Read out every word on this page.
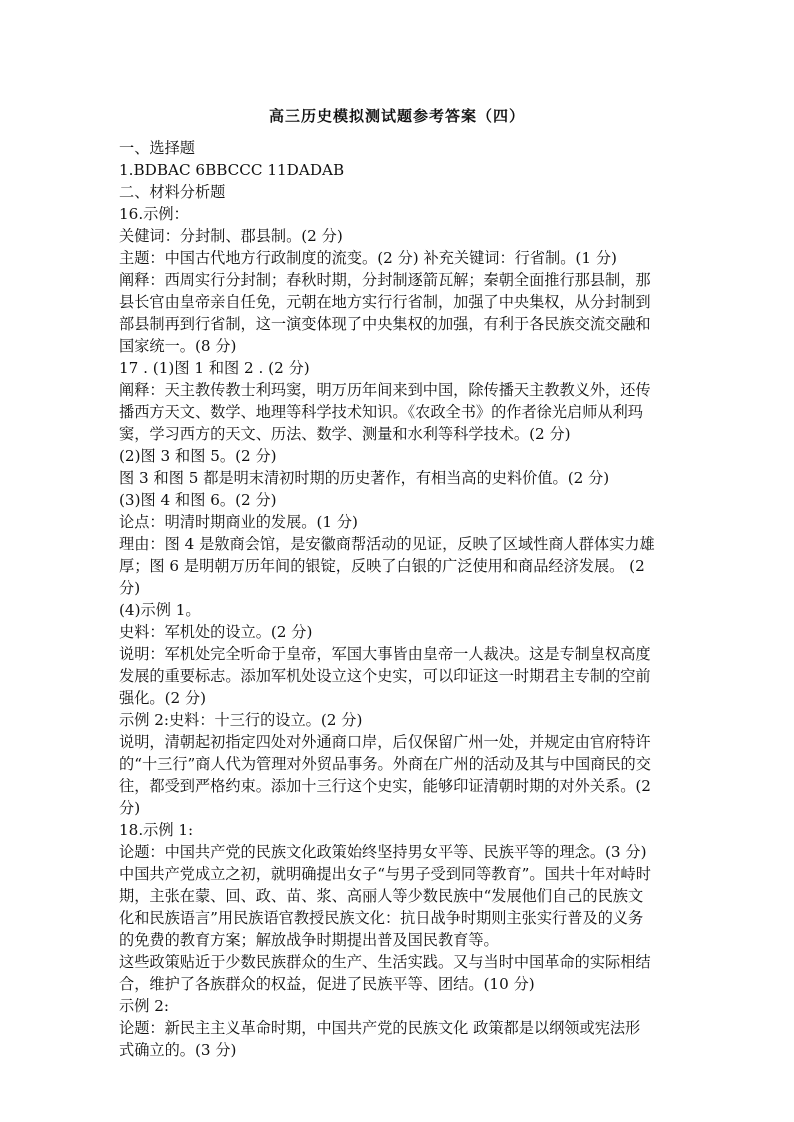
高三历史模拟测试题参考答案（四）

一、选择题

1.BDBAC 6BBCCC 11DADAB

二、材料分析题

16.示例：

关健词：分封制、郡县制。(2 分)

主题：中国古代地方行政制度的流变。(2 分) 补充关键词：行省制。(1 分)

阐释：西周实行分封制；春秋时期，分封制逐箭瓦解；秦朝全面推行那县制，那

县长官由皇帝亲自任免，元朝在地方实行行省制，加强了中央集权，从分封制到

部县制再到行省制，这一演变体现了中央集权的加强，有利于各民族交流交融和

国家统一。(8 分)

17 . (1)图 1 和图 2 . (2 分)

阐释：天主教传教士利玛窦，明万历年间来到中国，除传播天主教教义外，还传

播西方天文、数学、地理等科学技术知识。《农政全书》的作者徐光启师从利玛

窦，学习西方的天文、历法、数学、测量和水利等科学技术。(2 分)

(2)图 3 和图 5。(2 分)

图 3 和图 5 都是明末清初时期的历史著作，有相当高的史料价值。(2 分)

(3)图 4 和图 6。(2 分)

论点：明清时期商业的发展。(1 分)

理由：图 4 是敫商会馆，是安徽商帮活动的见证，反映了区域性商人群体实力雄

厚；图 6 是明朝万历年间的银锭，反映了白银的广泛使用和商品经济发展。 (2

分)

(4)示例 1。

史料：军机处的设立。(2 分)

说明：军机处完全听命于皇帝，军国大事皆由皇帝一人裁决。这是专制皇权高度

发展的重要标志。添加军机处设立这个史实，可以印证这一时期君主专制的空前

强化。(2 分)

示例 2:史料：十三行的设立。(2 分)

说明，清朝起初指定四处对外通商口岸，后仅保留广州一处，并规定由官府特许

的“十三行”商人代为管理对外贸品事务。外商在广州的活动及其与中国商民的交

往，都受到严格约束。添加十三行这个史实，能够印证清朝时期的对外关系。(2

分)

18.示例 1:

论题：中国共产党的民族文化政策始终坚持男女平等、民族平等的理念。(3 分)

中国共产党成立之初，就明确提出女子“与男子受到同等教育”。国共十年对峙时

期，主张在蒙、回、政、苗、浆、高丽人等少数民族中“发展他们自己的民族文

化和民族语言”用民族语官教授民族文化：抗日战争时期则主张实行普及的义务

的免费的教育方案；解放战争时期提出普及国民教育等。

这些政策贴近于少数民族群众的生产、生活实践。又与当时中国革命的实际相结

合，维护了各族群众的权益，促进了民族平等、团结。(10 分)

示例 2:

论题：新民主主义革命时期，中国共产党的民族文化 政策都是以纲领或宪法形

式确立的。(3 分)
